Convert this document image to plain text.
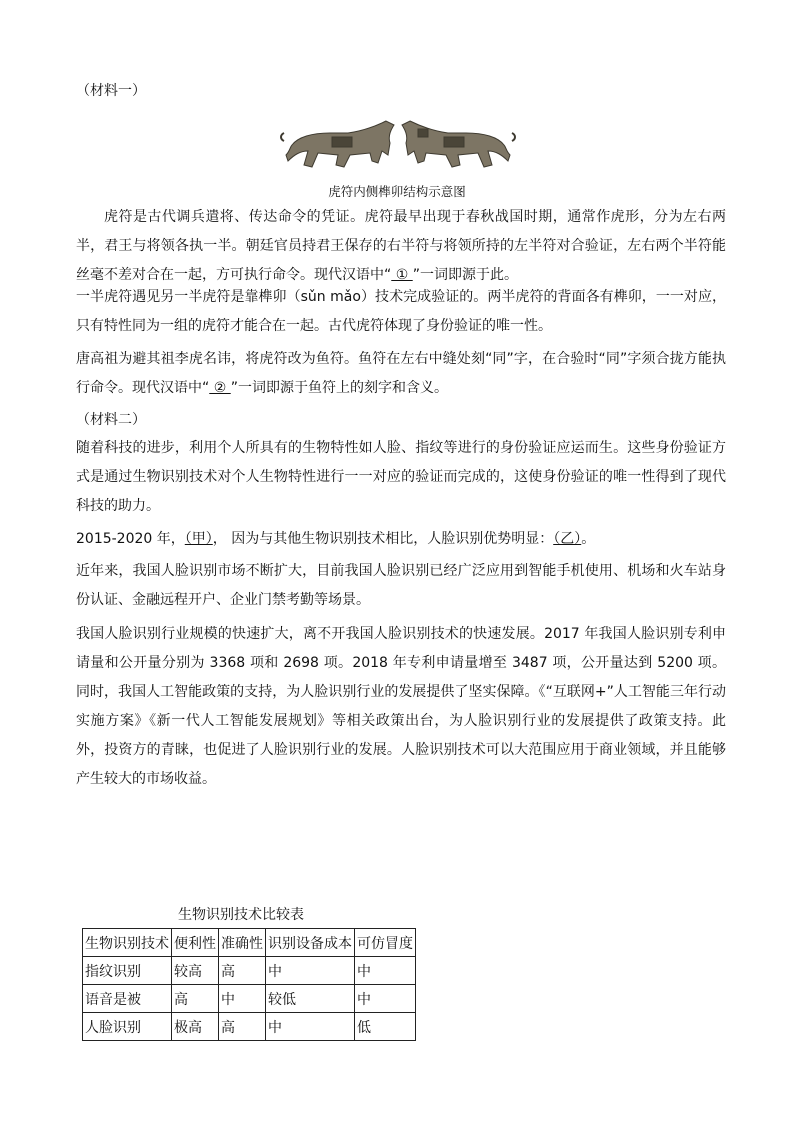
（材料一）
虎符内侧榫卯结构示意图

虎符是古代调兵遣将、传达命令的凭证。虎符最早出现于春秋战国时期，通常作虎形，分为左右两半，君王与将领各执一半。朝廷官员持君王保存的右半符与将领所持的左半符对合验证，左右两个半符能丝毫不差对合在一起，方可执行命令。现代汉语中“ ① ”一词即源于此。

一半虎符遇见另一半虎符是靠榫卯（sǔn mǎo）技术完成验证的。两半虎符的背面各有榫卯，一一对应，只有特性同为一组的虎符才能合在一起。古代虎符体现了身份验证的唯一性。

唐高祖为避其祖李虎名讳，将虎符改为鱼符。鱼符在左右中缝处刻“同”字，在合验时“同”字须合拢方能执行命令。现代汉语中“ ② ”一词即源于鱼符上的刻字和含义。

（材料二）

随着科技的进步，利用个人所具有的生物特性如人脸、指纹等进行的身份验证应运而生。这些身份验证方式是通过生物识别技术对个人生物特性进行一一对应的验证而完成的，这使身份验证的唯一性得到了现代科技的助力。

2015-2020 年，（甲）， 因为与其他生物识别技术相比，人脸识别优势明显：（乙）。

近年来，我国人脸识别市场不断扩大，目前我国人脸识别已经广泛应用到智能手机使用、机场和火车站身份认证、金融远程开户、企业门禁考勤等场景。

我国人脸识别行业规模的快速扩大，离不开我国人脸识别技术的快速发展。2017 年我国人脸识别专利申请量和公开量分别为 3368 项和 2698 项。2018 年专利申请量增至 3487 项，公开量达到 5200 项。同时，我国人工智能政策的支持，为人脸识别行业的发展提供了坚实保障。《“互联网+”人工智能三年行动实施方案》《新一代人工智能发展规划》等相关政策出台，为人脸识别行业的发展提供了政策支持。此外，投资方的青睐，也促进了人脸识别行业的发展。人脸识别技术可以大范围应用于商业领域，并且能够产生较大的市场收益。

生物识别技术比较表
生物识别技术	便利性	准确性	识别设备成本	可仿冒度
指纹识别	较高	高	中	中
语音是被	高	中	较低	中
人脸识别	极高	高	中	低
